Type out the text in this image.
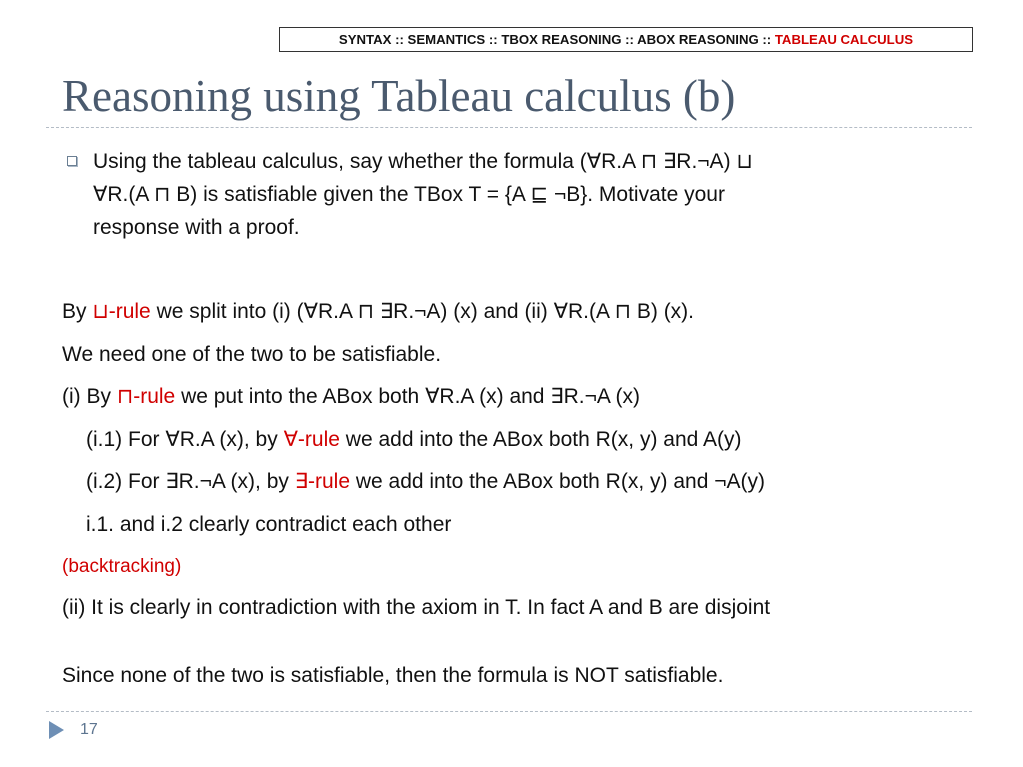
SYNTAX :: SEMANTICS :: TBOX REASONING :: ABOX REASONING :: TABLEAU CALCULUS
Reasoning using Tableau calculus (b)
Using the tableau calculus, say whether the formula (∀R.A ⊓ ∃R.¬A) ⊔
∀R.(A ⊓ B) is satisfiable given the TBox T = {A ⊑ ¬B}. Motivate your
response with a proof.
By ⊔-rule we split into (i) (∀R.A ⊓ ∃R.¬A) (x) and (ii) ∀R.(A ⊓ B) (x).
We need one of the two to be satisfiable.
(i) By ⊓-rule we put into the ABox both ∀R.A (x) and ∃R.¬A (x)
(i.1) For ∀R.A (x), by ∀-rule we add into the ABox both R(x, y) and A(y)
(i.2) For ∃R.¬A (x), by ∃-rule we add into the ABox both R(x, y) and ¬A(y)
i.1. and i.2 clearly contradict each other
(backtracking)
(ii) It is clearly in contradiction with the axiom in T. In fact A and B are disjoint
Since none of the two is satisfiable, then the formula is NOT satisfiable.
17
